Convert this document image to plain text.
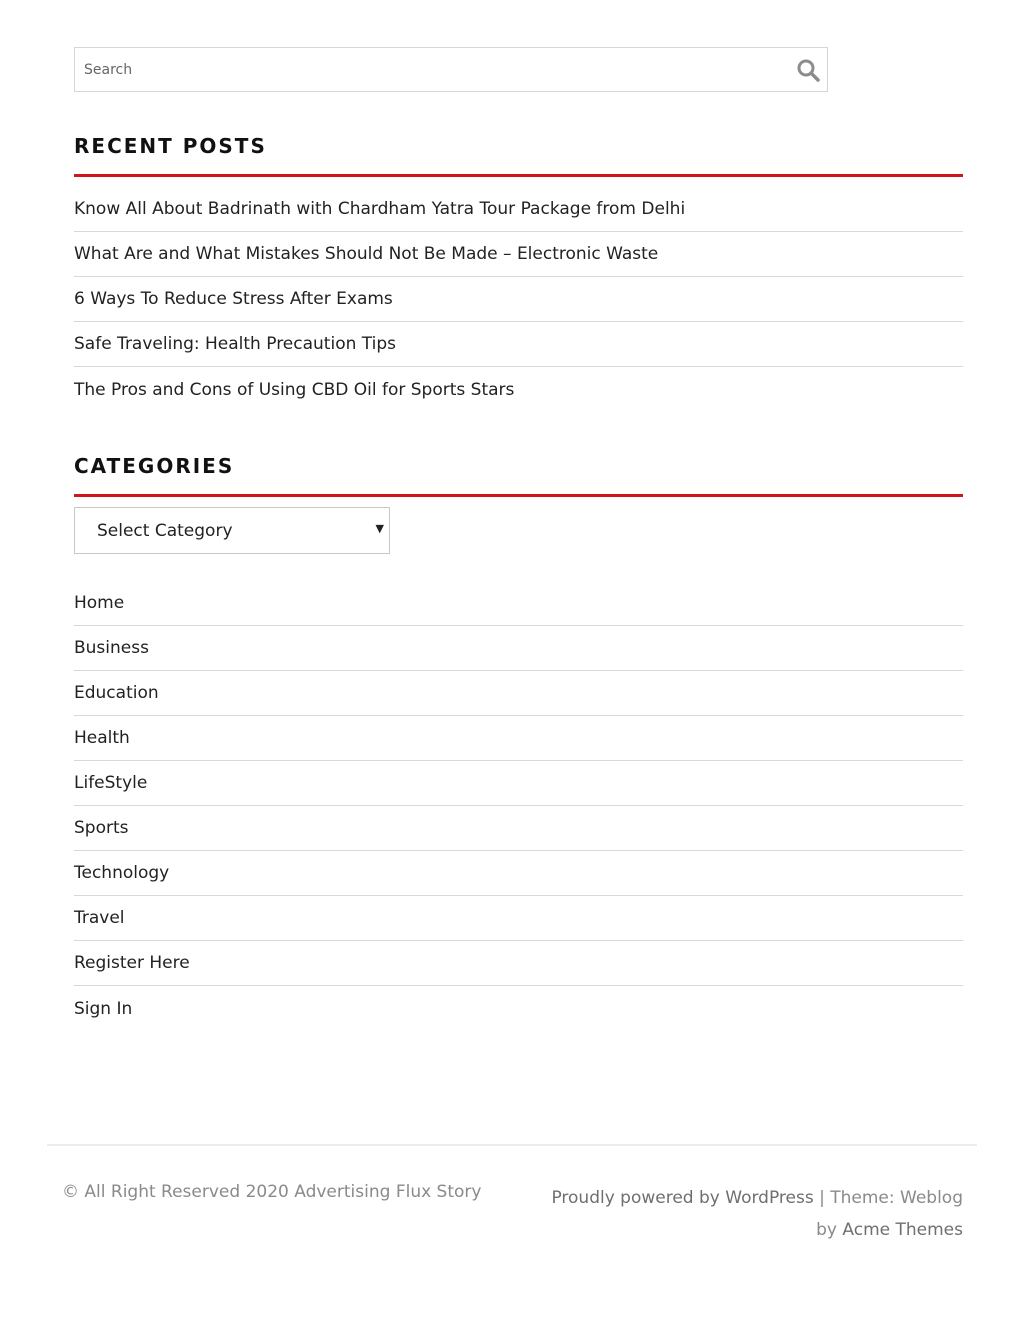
Search
RECENT POSTS
Know All About Badrinath with Chardham Yatra Tour Package from Delhi
What Are and What Mistakes Should Not Be Made – Electronic Waste
6 Ways To Reduce Stress After Exams
Safe Traveling: Health Precaution Tips
The Pros and Cons of Using CBD Oil for Sports Stars
CATEGORIES
Select Category	▼
Home
Business
Education
Health
LifeStyle
Sports
Technology
Travel
Register Here
Sign In
© All Right Reserved 2020 Advertising Flux Story	Proudly powered by WordPress | Theme: Weblog by Acme Themes
